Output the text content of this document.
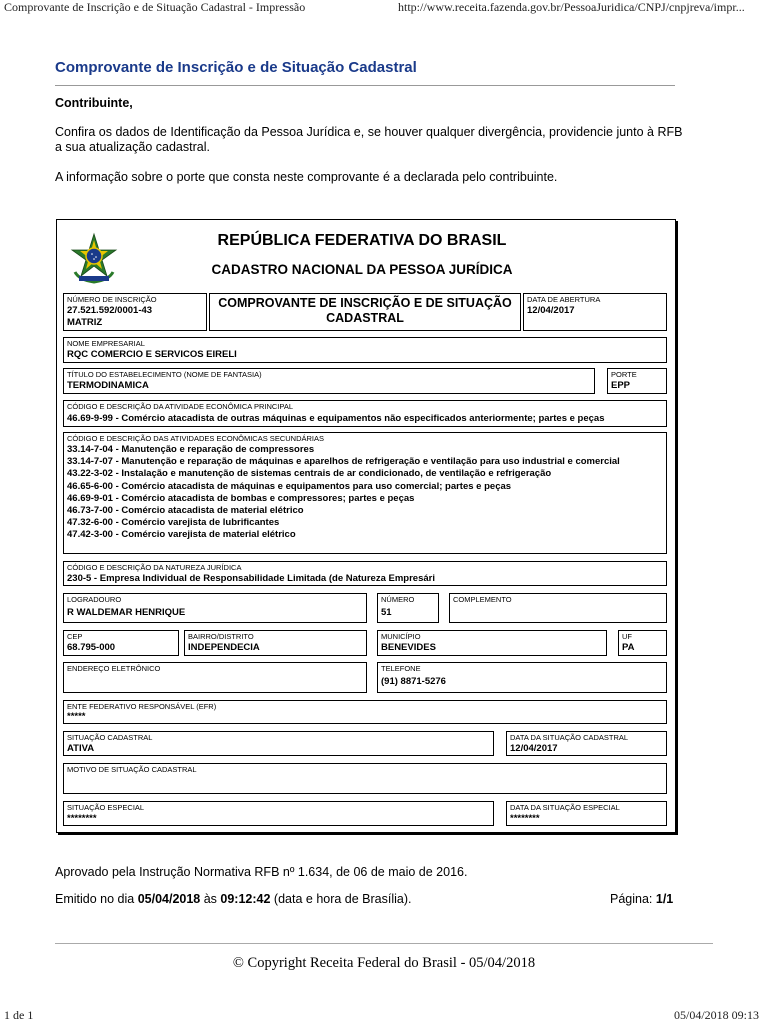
Comprovante de Inscrição e de Situação Cadastral - Impressão	http://www.receita.fazenda.gov.br/PessoaJuridica/CNPJ/cnpjreva/impr...
Comprovante de Inscrição e de Situação Cadastral
Contribuinte,
Confira os dados de Identificação da Pessoa Jurídica e, se houver qualquer divergência, providencie junto à RFB a sua atualização cadastral.
A informação sobre o porte que consta neste comprovante é a declarada pelo contribuinte.
REPÚBLICA FEDERATIVA DO BRASIL
CADASTRO NACIONAL DA PESSOA JURÍDICA
NÚMERO DE INSCRIÇÃO
27.521.592/0001-43
MATRIZ
COMPROVANTE DE INSCRIÇÃO E DE SITUAÇÃO
CADASTRAL
DATA DE ABERTURA
12/04/2017
NOME EMPRESARIAL
RQC COMERCIO E SERVICOS EIRELI
TÍTULO DO ESTABELECIMENTO (NOME DE FANTASIA)
TERMODINAMICA
PORTE
EPP
CÓDIGO E DESCRIÇÃO DA ATIVIDADE ECONÔMICA PRINCIPAL
46.69-9-99 - Comércio atacadista de outras máquinas e equipamentos não especificados anteriormente; partes e peças
CÓDIGO E DESCRIÇÃO DAS ATIVIDADES ECONÔMICAS SECUNDÁRIAS
33.14-7-04 - Manutenção e reparação de compressores
33.14-7-07 - Manutenção e reparação de máquinas e aparelhos de refrigeração e ventilação para uso industrial e comercial
43.22-3-02 - Instalação e manutenção de sistemas centrais de ar condicionado, de ventilação e refrigeração
46.65-6-00 - Comércio atacadista de máquinas e equipamentos para uso comercial; partes e peças
46.69-9-01 - Comércio atacadista de bombas e compressores; partes e peças
46.73-7-00 - Comércio atacadista de material elétrico
47.32-6-00 - Comércio varejista de lubrificantes
47.42-3-00 - Comércio varejista de material elétrico
CÓDIGO E DESCRIÇÃO DA NATUREZA JURÍDICA
230-5 - Empresa Individual de Responsabilidade Limitada (de Natureza Empresári
LOGRADOURO
R WALDEMAR HENRIQUE
NÚMERO
51
COMPLEMENTO
CEP
68.795-000
BAIRRO/DISTRITO
INDEPENDECIA
MUNICÍPIO
BENEVIDES
UF
PA
ENDEREÇO ELETRÔNICO	TELEFONE
(91) 8871-5276
ENTE FEDERATIVO RESPONSÁVEL (EFR)
*****
SITUAÇÃO CADASTRAL
ATIVA
DATA DA SITUAÇÃO CADASTRAL
12/04/2017
MOTIVO DE SITUAÇÃO CADASTRAL
SITUAÇÃO ESPECIAL
********
DATA DA SITUAÇÃO ESPECIAL
********
Aprovado pela Instrução Normativa RFB nº 1.634, de 06 de maio de 2016.
Emitido no dia 05/04/2018 às 09:12:42 (data e hora de Brasília).	Página: 1/1
© Copyright Receita Federal do Brasil - 05/04/2018
1 de 1	05/04/2018 09:13
